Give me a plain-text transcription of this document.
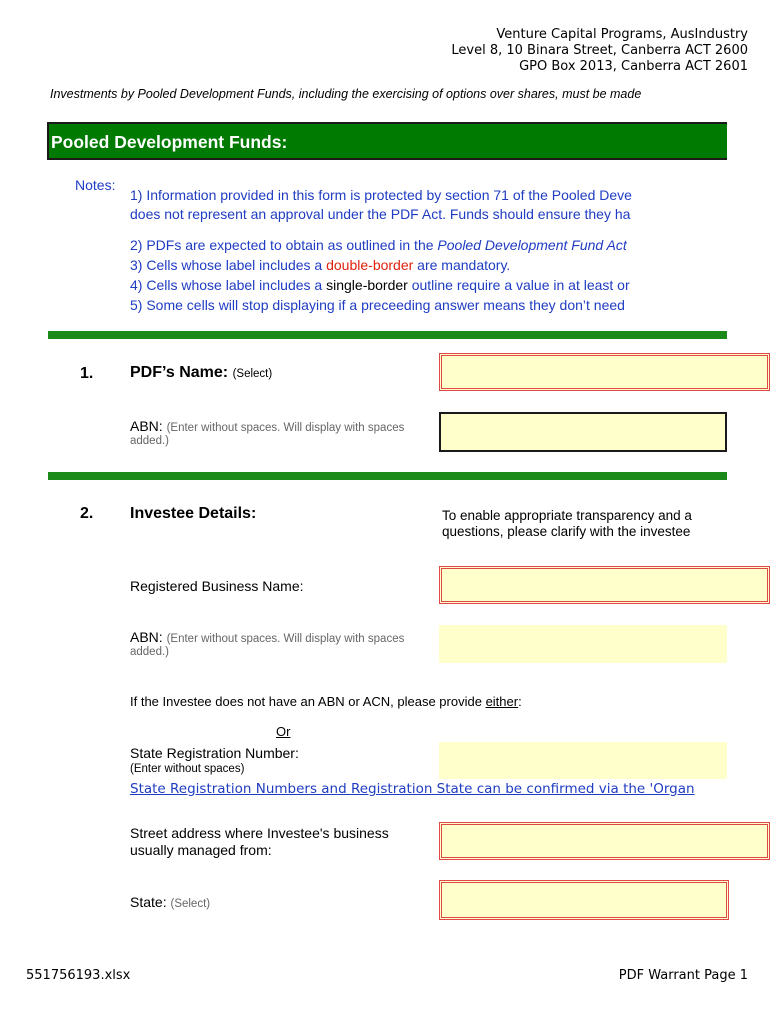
Venture Capital Programs, AusIndustry
Level 8, 10 Binara Street, Canberra ACT 2600
GPO Box 2013, Canberra ACT 2601
Investments by Pooled Development Funds, including the exercising of options over shares, must be made
Pooled Development Funds:
Notes:
1) Information provided in this form is protected by section 71 of the Pooled Deve
does not represent an approval under the PDF Act. Funds should ensure they ha
2) PDFs are expected to obtain as outlined in the Pooled Development Fund Act
3) Cells whose label includes a double-border are mandatory.
4) Cells whose label includes a single-border outline require a value in at least or
5) Some cells will stop displaying if a preceeding answer means they don’t need
1. PDF’s Name: (Select)
ABN: (Enter without spaces. Will display with spaces
added.)
2. Investee Details:	To enable appropriate transparency and a
questions, please clarify with the investee
Registered Business Name:
ABN: (Enter without spaces. Will display with spaces
added.)
If the Investee does not have an ABN or ACN, please provide either:
Or
State Registration Number:
(Enter without spaces)
State Registration Numbers and Registration State can be confirmed via the 'Organ
Street address where Investee's business
usually managed from:
State: (Select)
551756193.xlsx	PDF Warrant Page 1
